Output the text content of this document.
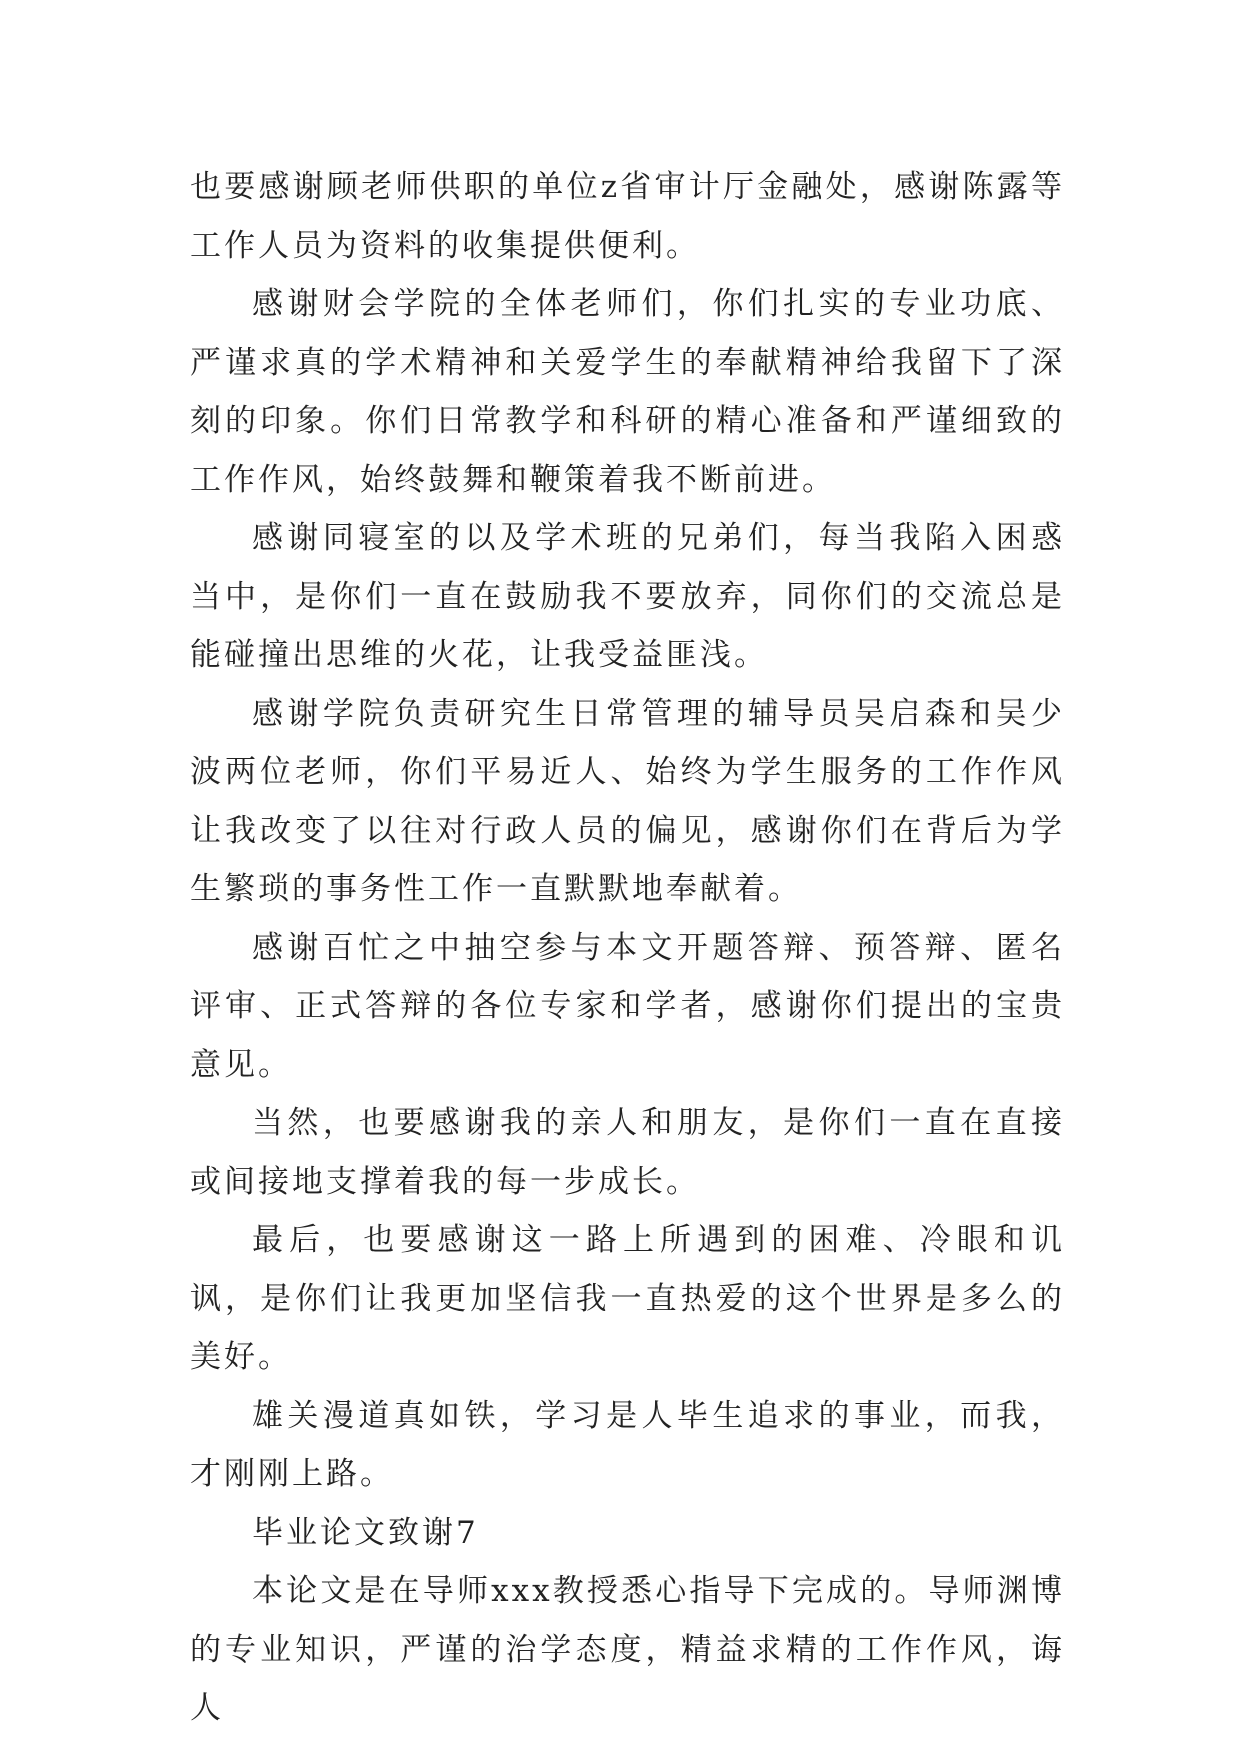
也要感谢顾老师供职的单位z省审计厅金融处，感谢陈露等工作人员为资料的收集提供便利。

感谢财会学院的全体老师们，你们扎实的专业功底、严谨求真的学术精神和关爱学生的奉献精神给我留下了深刻的印象。你们日常教学和科研的精心准备和严谨细致的工作作风，始终鼓舞和鞭策着我不断前进。

感谢同寝室的以及学术班的兄弟们，每当我陷入困惑当中，是你们一直在鼓励我不要放弃，同你们的交流总是能碰撞出思维的火花，让我受益匪浅。

感谢学院负责研究生日常管理的辅导员吴启森和吴少波两位老师，你们平易近人、始终为学生服务的工作作风让我改变了以往对行政人员的偏见，感谢你们在背后为学生繁琐的事务性工作一直默默地奉献着。

感谢百忙之中抽空参与本文开题答辩、预答辩、匿名评审、正式答辩的各位专家和学者，感谢你们提出的宝贵意见。

当然，也要感谢我的亲人和朋友，是你们一直在直接或间接地支撑着我的每一步成长。

最后，也要感谢这一路上所遇到的困难、冷眼和讥讽，是你们让我更加坚信我一直热爱的这个世界是多么的美好。

雄关漫道真如铁，学习是人毕生追求的事业，而我，才刚刚上路。

毕业论文致谢7

本论文是在导师xxx教授悉心指导下完成的。导师渊博的专业知识，严谨的治学态度，精益求精的工作作风，诲人
